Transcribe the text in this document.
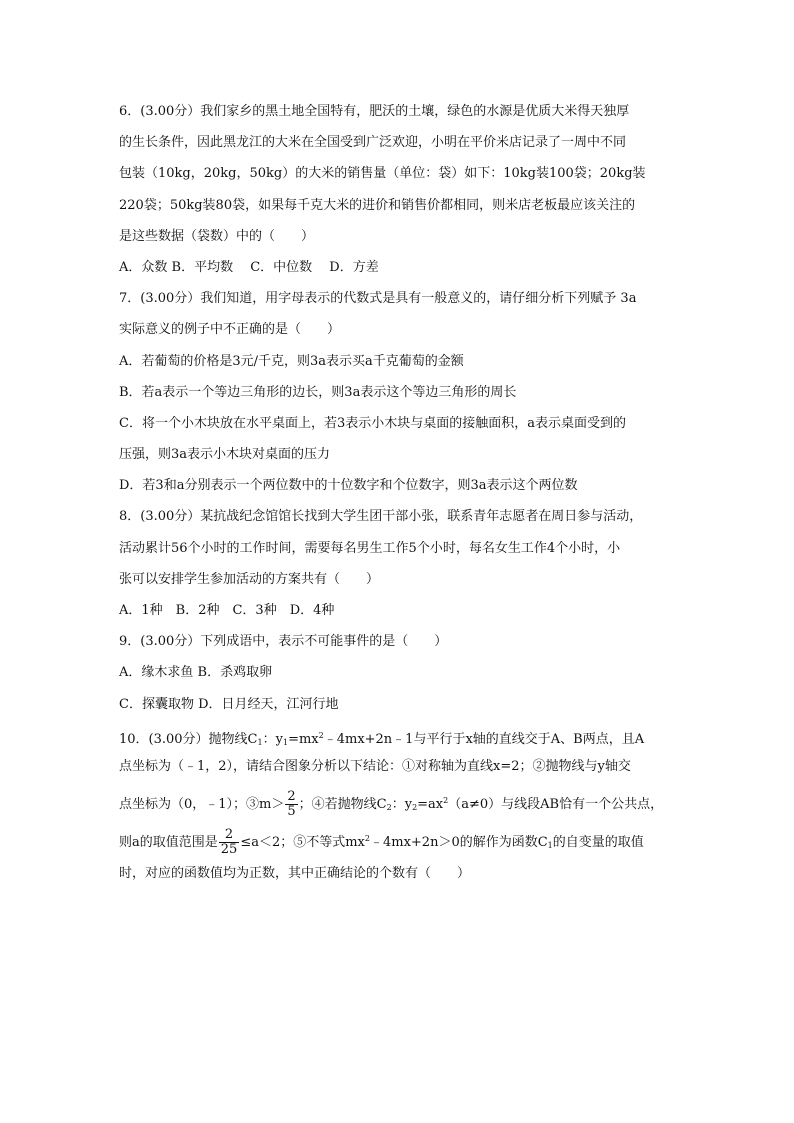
6．(3.00分）我们家乡的黑土地全国特有，肥沃的土壤，绿色的水源是优质大米得天独厚
的生长条件，因此黑龙江的大米在全国受到广泛欢迎，小明在平价米店记录了一周中不同
包装（10kg，20kg，50kg）的大米的销售量（单位：袋）如下：10kg装100袋；20kg装
220袋；50kg装80袋，如果每千克大米的进价和销售价都相同，则米店老板最应该关注的
是这些数据（袋数）中的（　　）
A．众数 B．平均数　 C．中位数　 D．方差
7．(3.00分）我们知道，用字母表示的代数式是具有一般意义的，请仔细分析下列赋予 3a
实际意义的例子中不正确的是（　　）
A．若葡萄的价格是3元/千克，则3a表示买a千克葡萄的金额
B．若a表示一个等边三角形的边长，则3a表示这个等边三角形的周长
C．将一个小木块放在水平桌面上，若3表示小木块与桌面的接触面积，a表示桌面受到的
压强，则3a表示小木块对桌面的压力
D．若3和a分别表示一个两位数中的十位数字和个位数字，则3a表示这个两位数
8．(3.00分）某抗战纪念馆馆长找到大学生团干部小张，联系青年志愿者在周日参与活动，
活动累计56个小时的工作时间，需要每名男生工作5个小时，每名女生工作4个小时，小
张可以安排学生参加活动的方案共有（　　）
A．1种　B．2种　C．3种　D．4种
9．(3.00分）下列成语中，表示不可能事件的是（　　）
A．缘木求鱼 B．杀鸡取卵
C．探囊取物 D．日月经天，江河行地
10．(3.00分）抛物线$C_1$：$y_1=mx^2﹣4mx+2n﹣1$与平行于x轴的直线交于A、B两点，且A
点坐标为（﹣1，2），请结合图象分析以下结论：①对称轴为直线x=2；②抛物线与y轴交
点坐标为（0，﹣1）；③m＞ $\frac{2}{5}$ ；④若抛物线$C_2$：$y_2=ax^2(a\ne 0)$与线段AB恰有一个公共点，
则a的取值范围是 $\frac{2}{25} \le a<2$；⑤不等式$mx^2﹣4mx+2n>0$的解作为函数$C_1$的自变量的取值
时，对应的函数值均为正数，其中正确结论的个数有（　　）
